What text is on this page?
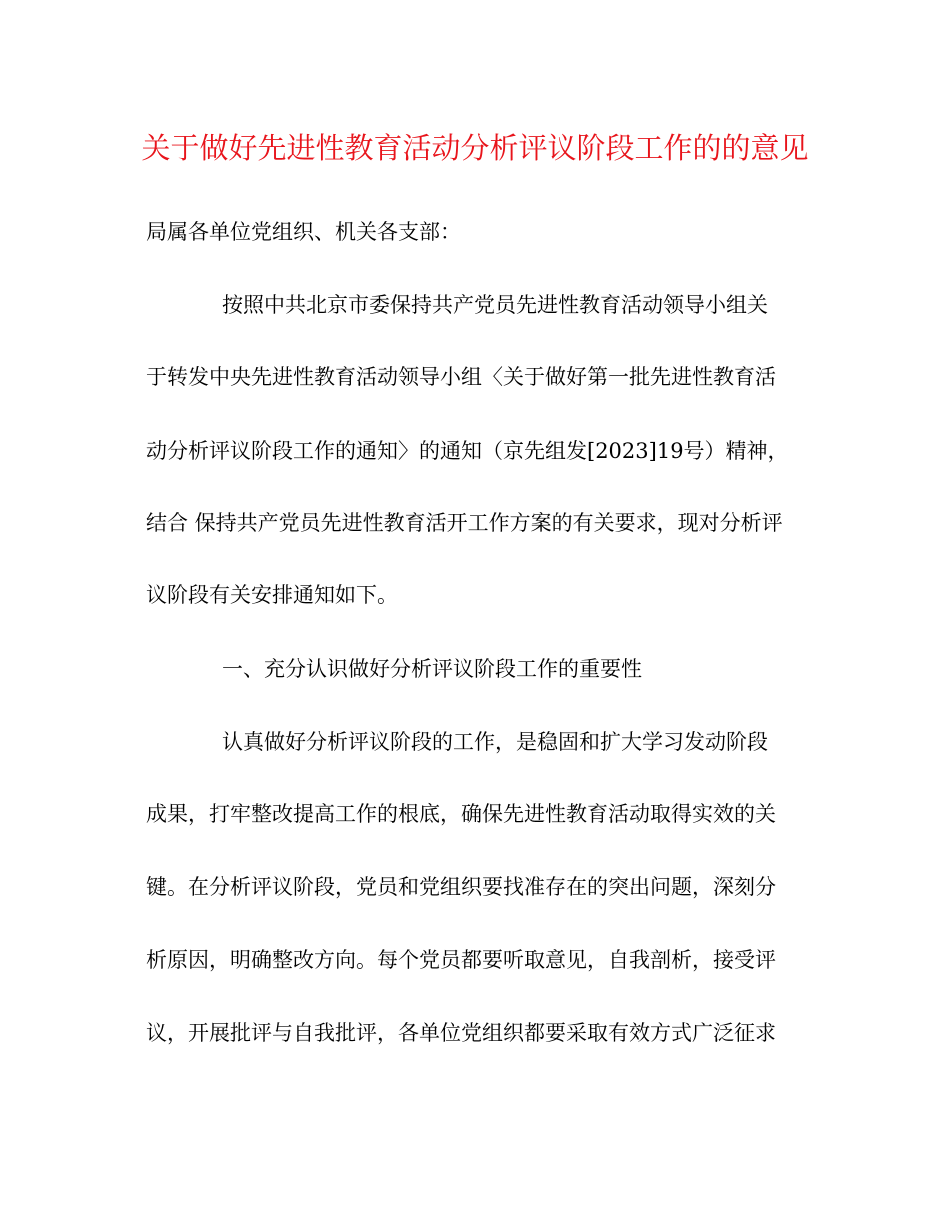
关于做好先进性教育活动分析评议阶段工作的的意见
局属各单位党组织、机关各支部：
按照中共北京市委保持共产党员先进性教育活动领导小组关
于转发中央先进性教育活动领导小组〈关于做好第一批先进性教育活
动分析评议阶段工作的通知〉的通知（京先组发[2023]19号）精神，
结合 保持共产党员先进性教育活开工作方案的有关要求，现对分析评
议阶段有关安排通知如下。
一、充分认识做好分析评议阶段工作的重要性
认真做好分析评议阶段的工作，是稳固和扩大学习发动阶段
成果，打牢整改提高工作的根底，确保先进性教育活动取得实效的关
键。在分析评议阶段，党员和党组织要找准存在的突出问题，深刻分
析原因，明确整改方向。每个党员都要听取意见，自我剖析，接受评
议，开展批评与自我批评，各单位党组织都要采取有效方式广泛征求
